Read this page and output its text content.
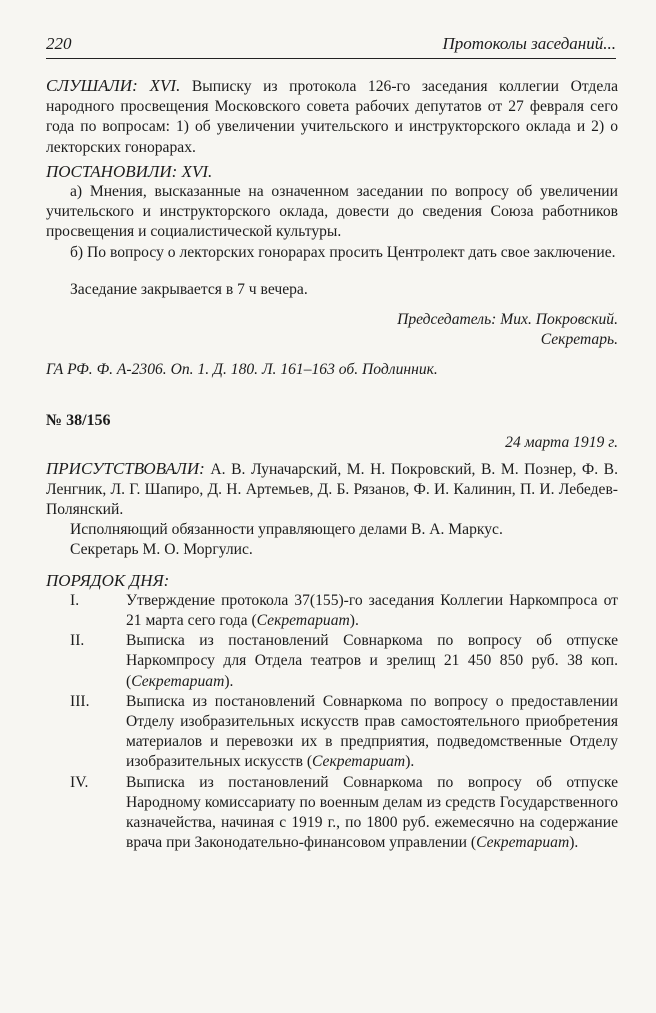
220	Протоколы заседаний...

СЛУШАЛИ: XVI. Выписку из протокола 126-го заседания коллегии Отдела народного просвещения Московского совета рабочих депутатов от 27 февраля сего года по вопросам: 1) об увеличении учительского и инструкторского оклада и 2) о лекторских гонорарах.

ПОСТАНОВИЛИ: XVI.

а) Мнения, высказанные на означенном заседании по вопросу об увеличении учительского и инструкторского оклада, довести до сведения Союза работников просвещения и социалистической культуры.

б) По вопросу о лекторских гонорарах просить Центролект дать свое заключение.

Заседание закрывается в 7 ч вечера.

Председатель: Мих. Покровский.

Секретарь.

ГА РФ. Ф. А-2306. Оп. 1. Д. 180. Л. 161–163 об. Подлинник.

№ 38/156
24 марта 1919 г.

ПРИСУТСТВОВАЛИ: А. В. Луначарский, М. Н. Покровский, В. М. Познер, Ф. В. Ленгник, Л. Г. Шапиро, Д. Н. Артемьев, Д. Б. Рязанов, Ф. И. Калинин, П. И. Лебедев-Полянский.

Исполняющий обязанности управляющего делами В. А. Маркус.

Секретарь М. О. Моргулис.

ПОРЯДОК ДНЯ:

I.	Утверждение протокола 37(155)-го заседания Коллегии Наркомпроса от 21 марта сего года (Секретариат).
II.	Выписка из постановлений Совнаркома по вопросу об отпуске Наркомпросу для Отдела театров и зрелищ 21 450 850 руб. 38 коп. (Секретариат).
III.	Выписка из постановлений Совнаркома по вопросу о предоставлении Отделу изобразительных искусств прав самостоятельного приобретения материалов и перевозки их в предприятия, подведомственные Отделу изобразительных искусств (Секретариат).
IV.	Выписка из постановлений Совнаркома по вопросу об отпуске Народному комиссариату по военным делам из средств Государственного казначейства, начиная с 1919 г., по 1800 руб. ежемесячно на содержание врача при Законодательно-финансовом управлении (Секретариат).
